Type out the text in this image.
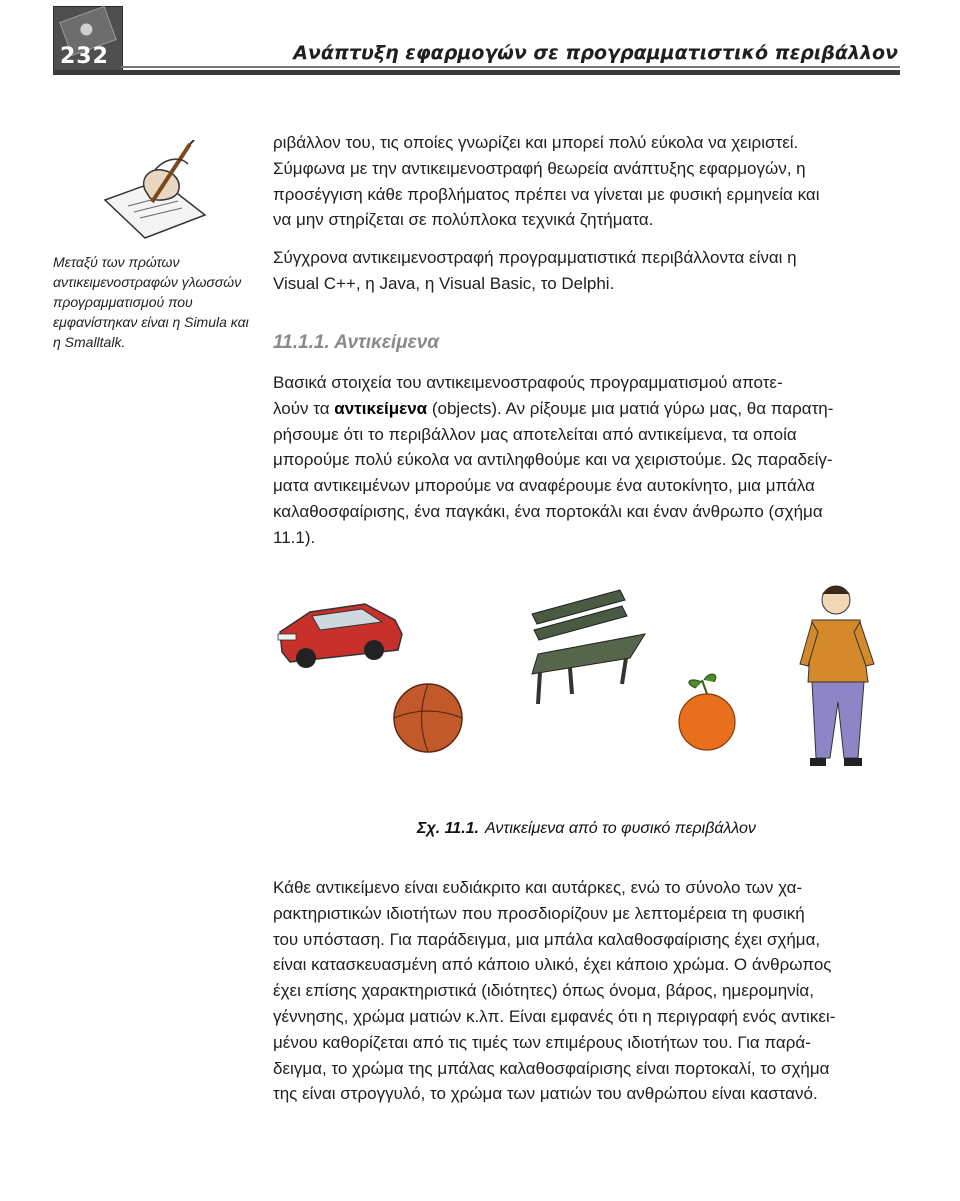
232	Ανάπτυξη εφαρμογών σε προγραμματιστικό περιβάλλον
Μεταξύ των πρώτων αντικειμενοστραφών γλωσσών προγραμματισμού που εμφανίστηκαν είναι η Simula και η Smalltalk.
ριβάλλον του, τις οποίες γνωρίζει και μπορεί πολύ εύκολα να χειριστεί.
Σύμφωνα με την αντικειμενοστραφή θεωρεία ανάπτυξης εφαρμογών, η
προσέγγιση κάθε προβλήματος πρέπει να γίνεται με φυσική ερμηνεία και
να μην στηρίζεται σε πολύπλοκα τεχνικά ζητήματα.
Σύγχρονα αντικειμενοστραφή προγραμματιστικά περιβάλλοντα είναι η
Visual C++, η Java, η Visual Basic, το Delphi.
11.1.1. Αντικείμενα
Βασικά στοιχεία του αντικειμενοστραφούς προγραμματισμού αποτε-
λούν τα αντικείμενα (objects). Αν ρίξουμε μια ματιά γύρω μας, θα παρατη-
ρήσουμε ότι το περιβάλλον μας αποτελείται από αντικείμενα, τα οποία
μπορούμε πολύ εύκολα να αντιληφθούμε και να χειριστούμε. Ως παραδείγ-
ματα αντικειμένων μπορούμε να αναφέρουμε ένα αυτοκίνητο, μια μπάλα
καλαθοσφαίρισης, ένα παγκάκι, ένα πορτοκάλι και έναν άνθρωπο (σχήμα
11.1).
Σχ. 11.1. Αντικείμενα από το φυσικό περιβάλλον
Κάθε αντικείμενο είναι ευδιάκριτο και αυτάρκες, ενώ το σύνολο των χα-
ρακτηριστικών ιδιοτήτων που προσδιορίζουν με λεπτομέρεια τη φυσική
του υπόσταση. Για παράδειγμα, μια μπάλα καλαθοσφαίρισης έχει σχήμα,
είναι κατασκευασμένη από κάποιο υλικό, έχει κάποιο χρώμα. Ο άνθρωπος
έχει επίσης χαρακτηριστικά (ιδιότητες) όπως όνομα, βάρος, ημερομηνία,
γέννησης, χρώμα ματιών κ.λπ. Είναι εμφανές ότι η περιγραφή ενός αντικει-
μένου καθορίζεται από τις τιμές των επιμέρους ιδιοτήτων του. Για παρά-
δειγμα, το χρώμα της μπάλας καλαθοσφαίρισης είναι πορτοκαλί, το σχήμα
της είναι στρογγυλό, το χρώμα των ματιών του ανθρώπου είναι καστανό.
